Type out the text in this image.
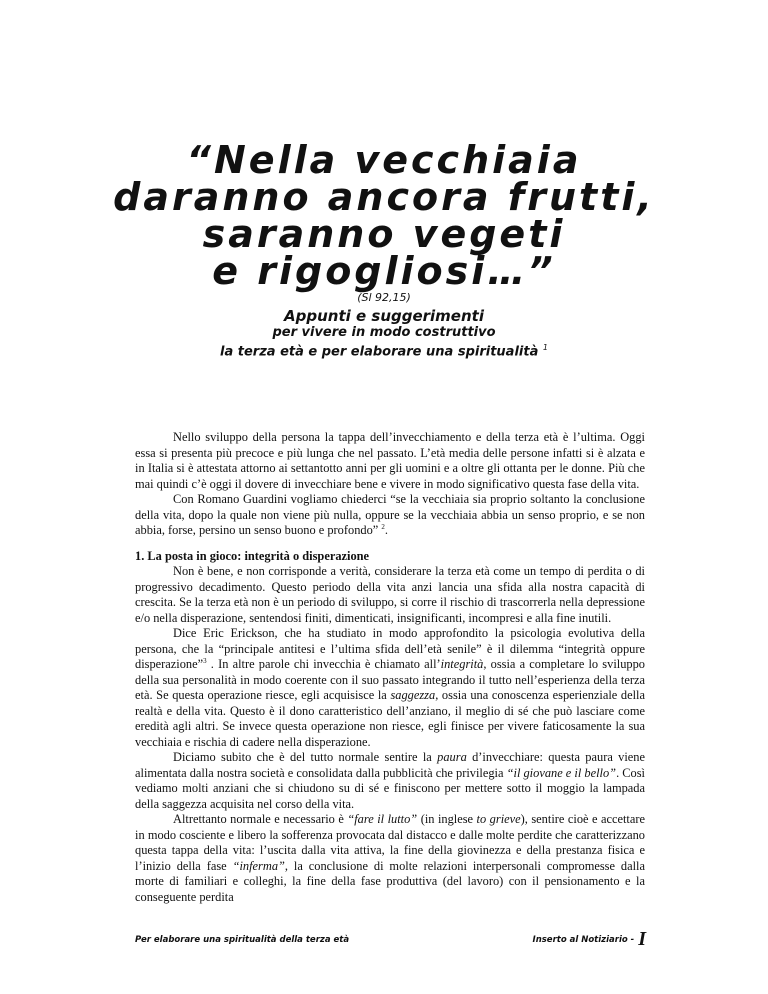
“Nella vecchiaia
daranno ancora frutti,
saranno vegeti
e rigogliosi…”
(Sl 92,15)
Appunti e suggerimenti
per vivere in modo costruttivo
la terza età e per elaborare una spiritualità $^1$

Nello sviluppo della persona la tappa dell’invecchiamento e della terza età è l’ultima. Oggi essa si presenta più precoce e più lunga che nel passato. L’età media delle persone infatti si è alzata e in Italia si è attestata attorno ai settantotto anni per gli uomini e a oltre gli ottanta per le donne. Più che mai quindi c’è oggi il dovere di invecchiare bene e vivere in modo significativo questa fase della vita.

Con Romano Guardini vogliamo chiederci “se la vecchiaia sia proprio soltanto la conclusione della vita, dopo la quale non viene più nulla, oppure se la vecchiaia abbia un senso proprio, e se non abbia, forse, persino un senso buono e profondo” $^2$.

1. La posta in gioco: integrità o disperazione

Non è bene, e non corrisponde a verità, considerare la terza età come un tempo di perdita o di progressivo decadimento. Questo periodo della vita anzi lancia una sfida alla nostra capacità di crescita. Se la terza età non è un periodo di sviluppo, si corre il rischio di trascorrerla nella depressione e/o nella disperazione, sentendosi finiti, dimenticati, insignificanti, incompresi e alla fine inutili.

Dice Eric Erickson, che ha studiato in modo approfondito la psicologia evolutiva della persona, che la “principale antitesi e l’ultima sfida dell’età senile” è il dilemma “integrità oppure disperazione”$^3$ . In altre parole chi invecchia è chiamato all’integrità, ossia a completare lo sviluppo della sua personalità in modo coerente con il suo passato integrando il tutto nell’esperienza della terza età. Se questa operazione riesce, egli acquisisce la saggezza, ossia una conoscenza esperienziale della realtà e della vita. Questo è il dono caratteristico dell’anziano, il meglio di sé che può lasciare come eredità agli altri. Se invece questa operazione non riesce, egli finisce per vivere faticosamente la sua vecchiaia e rischia di cadere nella disperazione.

Diciamo subito che è del tutto normale sentire la paura d’invecchiare: questa paura viene alimentata dalla nostra società e consolidata dalla pubblicità che privilegia “il giovane e il bello”. Così vediamo molti anziani che si chiudono su di sé e finiscono per mettere sotto il moggio la lampada della saggezza acquisita nel corso della vita.

Altrettanto normale e necessario è “fare il lutto” (in inglese to grieve), sentire cioè e accettare in modo cosciente e libero la sofferenza provocata dal distacco e dalle molte perdite che caratterizzano questa tappa della vita: l’uscita dalla vita attiva, la fine della giovinezza e della prestanza fisica e l’inizio della fase “inferma”, la conclusione di molte relazioni interpersonali compromesse dalla morte di familiari e colleghi, la fine della fase produttiva (del lavoro) con il pensionamento e la conseguente perdita

Per elaborare una spiritualità della terza età	Inserto al Notiziario - I
